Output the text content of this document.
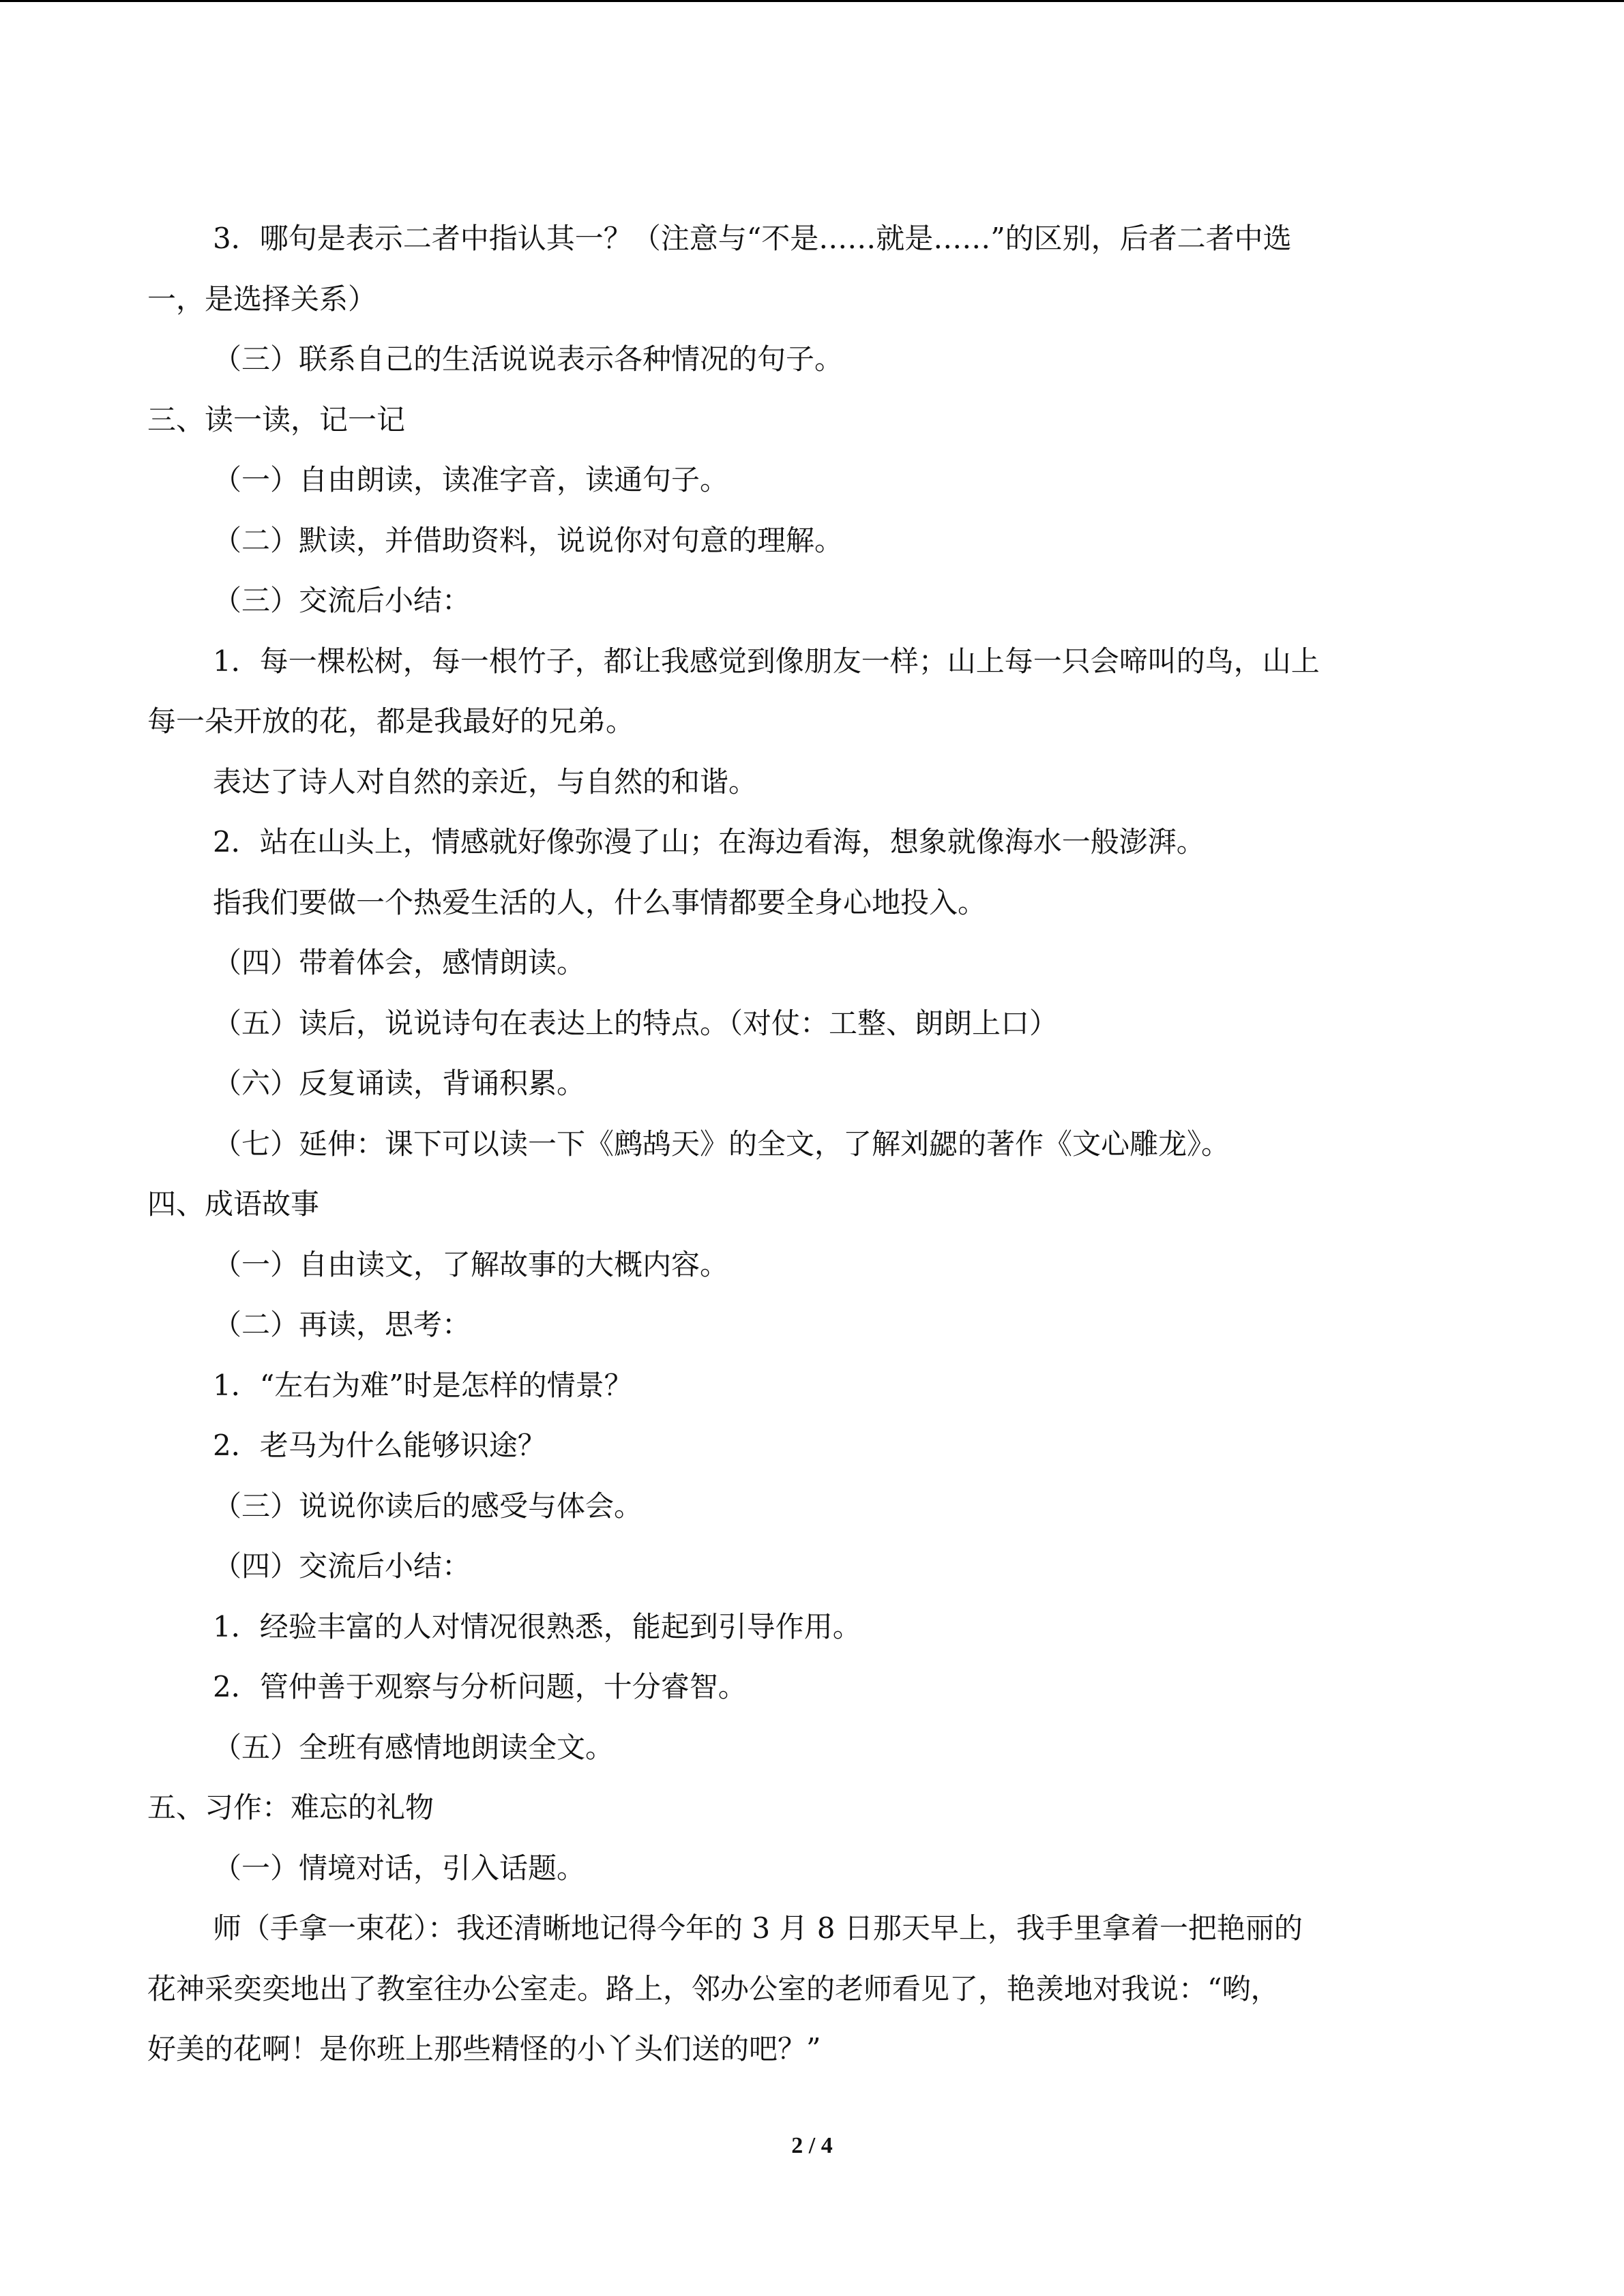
3．哪句是表示二者中指认其一？（注意与“不是……就是……”的区别，后者二者中选
一，是选择关系）
（三）联系自己的生活说说表示各种情况的句子。
三、读一读，记一记
（一）自由朗读，读准字音，读通句子。
（二）默读，并借助资料，说说你对句意的理解。
（三）交流后小结：
1．每一棵松树，每一根竹子，都让我感觉到像朋友一样；山上每一只会啼叫的鸟，山上
每一朵开放的花，都是我最好的兄弟。
表达了诗人对自然的亲近，与自然的和谐。
2．站在山头上，情感就好像弥漫了山；在海边看海，想象就像海水一般澎湃。
指我们要做一个热爱生活的人，什么事情都要全身心地投入。
（四）带着体会，感情朗读。
（五）读后，说说诗句在表达上的特点。（对仗：工整、朗朗上口）
（六）反复诵读，背诵积累。
（七）延伸：课下可以读一下《鹧鸪天》的全文，了解刘勰的著作《文心雕龙》。
四、成语故事
（一）自由读文，了解故事的大概内容。
（二）再读，思考：
1．“左右为难”时是怎样的情景？
2．老马为什么能够识途？
（三）说说你读后的感受与体会。
（四）交流后小结：
1．经验丰富的人对情况很熟悉，能起到引导作用。
2．管仲善于观察与分析问题，十分睿智。
（五）全班有感情地朗读全文。
五、习作：难忘的礼物
（一）情境对话，引入话题。
师（手拿一束花）：我还清晰地记得今年的 3 月 8 日那天早上，我手里拿着一把艳丽的
花神采奕奕地出了教室往办公室走。路上，邻办公室的老师看见了，艳羡地对我说：“哟，
好美的花啊！是你班上那些精怪的小丫头们送的吧？”
2 / 4
